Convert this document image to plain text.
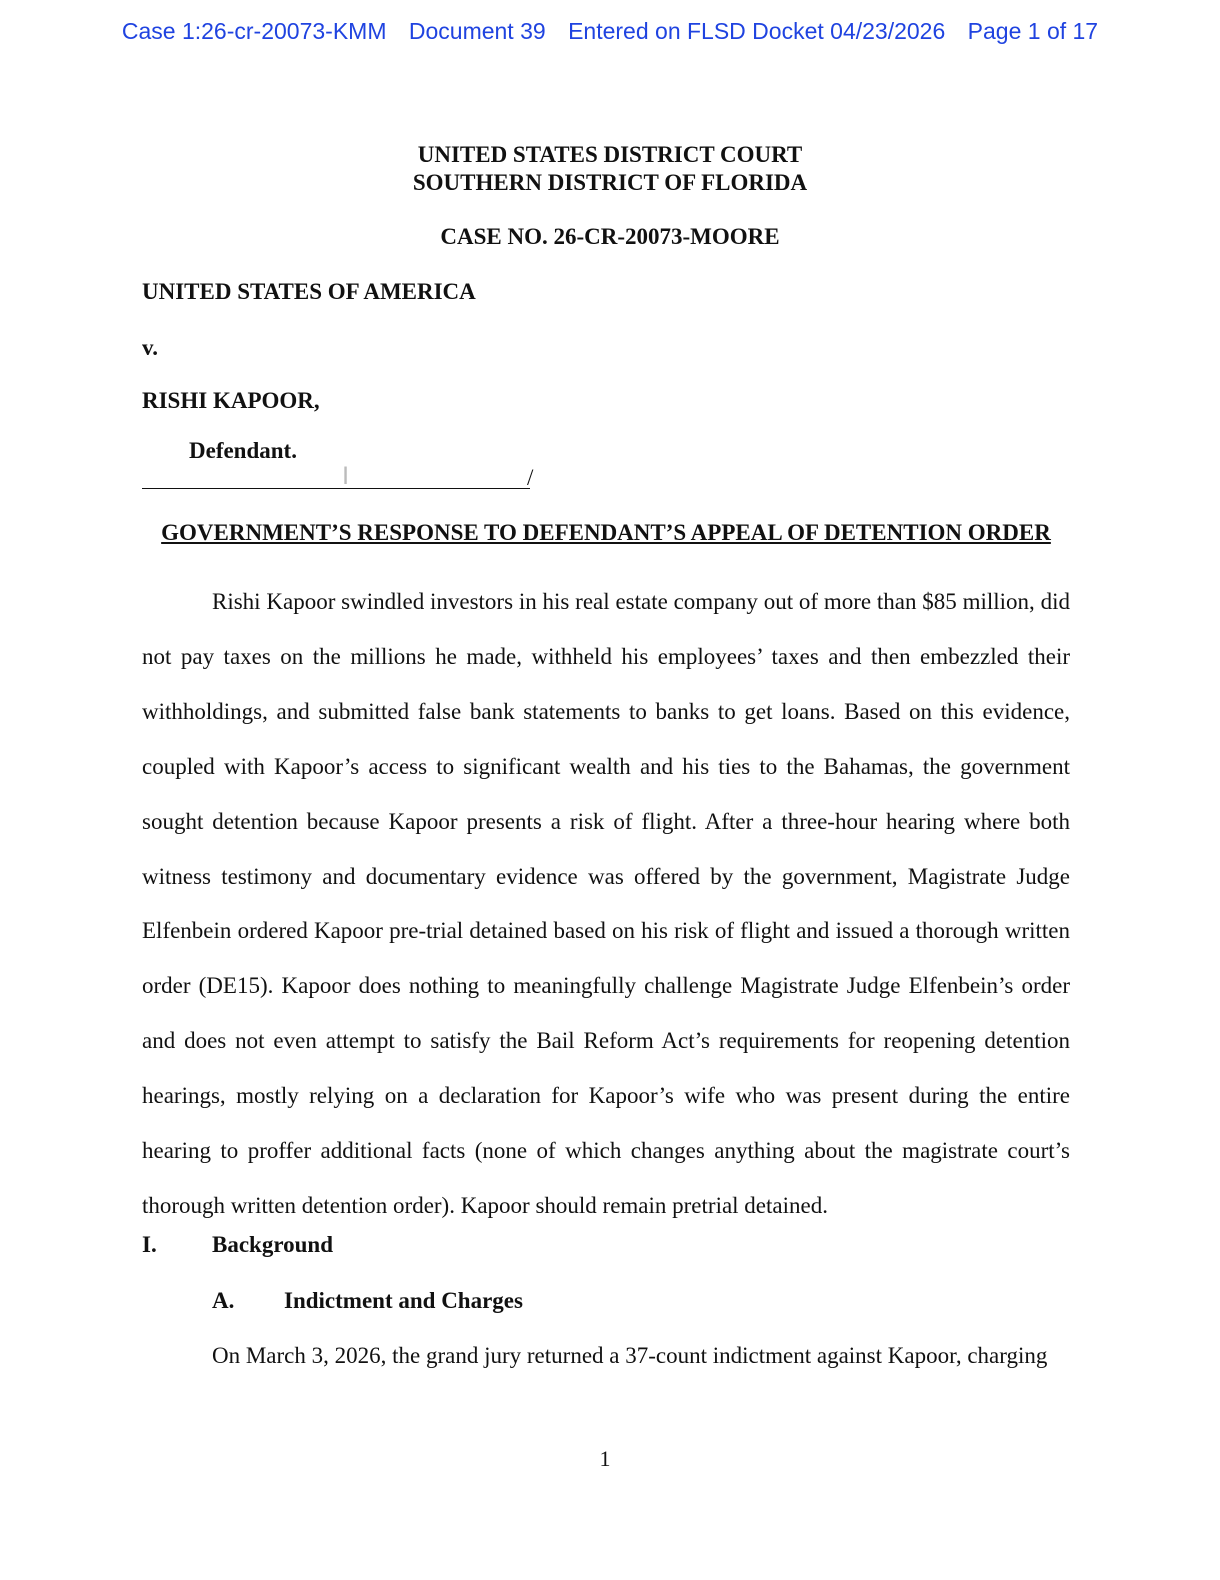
Case 1:26-cr-20073-KMM Document 39 Entered on FLSD Docket 04/23/2026 Page 1 of 17
UNITED STATES DISTRICT COURT
SOUTHERN DISTRICT OF FLORIDA
CASE NO. 26-CR-20073-MOORE
UNITED STATES OF AMERICA
v.
RISHI KAPOOR,
Defendant.
I	/
GOVERNMENT’S RESPONSE TO DEFENDANT’S APPEAL OF DETENTION ORDER

Rishi Kapoor swindled investors in his real estate company out of more than $85 million, did not pay taxes on the millions he made, withheld his employees’ taxes and then embezzled their withholdings, and submitted false bank statements to banks to get loans. Based on this evidence, coupled with Kapoor’s access to significant wealth and his ties to the Bahamas, the government sought detention because Kapoor presents a risk of flight. After a three-hour hearing where both witness testimony and documentary evidence was offered by the government, Magistrate Judge Elfenbein ordered Kapoor pre-trial detained based on his risk of flight and issued a thorough written order (DE15). Kapoor does nothing to meaningfully challenge Magistrate Judge Elfenbein’s order and does not even attempt to satisfy the Bail Reform Act’s requirements for reopening detention hearings, mostly relying on a declaration for Kapoor’s wife who was present during the entire hearing to proffer additional facts (none of which changes anything about the magistrate court’s thorough written detention order). Kapoor should remain pretrial detained.

I. Background
A. Indictment and Charges
On March 3, 2026, the grand jury returned a 37-count indictment against Kapoor, charging
1
